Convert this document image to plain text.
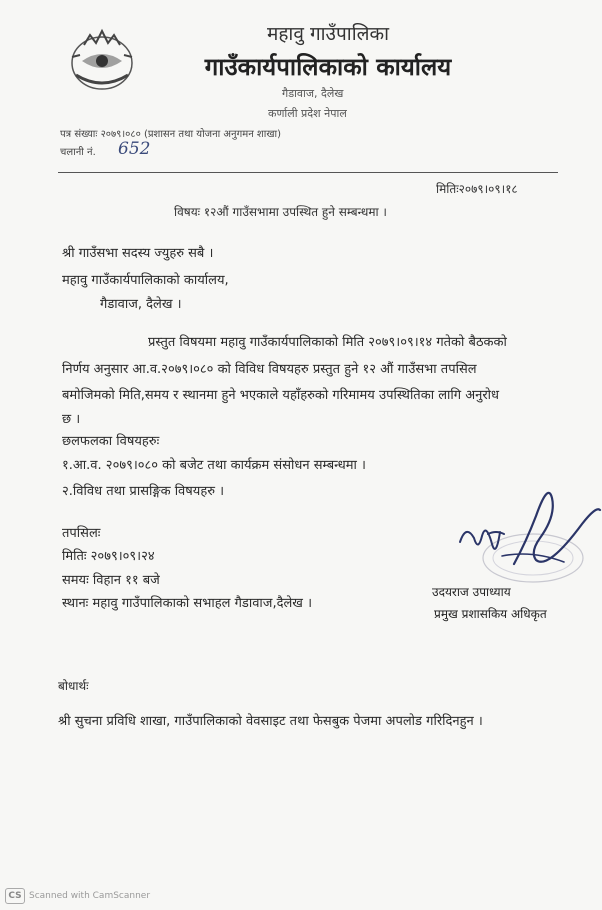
महावु गाउँपालिका
गाउँकार्यपालिकाको कार्यालय
गैडावाज, दैलेख
कर्णाली प्रदेश नेपाल
पत्र संख्याः २०७९।०८० (प्रशासन तथा योजना अनुगमन शाखा)
चलानी नं. 652
मितिः२०७९।०९।१८
विषयः १२औं गाउँसभामा उपस्थित हुने सम्बन्धमा ।
श्री गाउँसभा सदस्य ज्युहरु सबै ।
महावु गाउँकार्यपालिकाको कार्यालय,
गैडावाज, दैलेख ।
प्रस्तुत विषयमा महावु गाउँकार्यपालिकाको मिति २०७९।०९।१४ गतेको बैठकको
निर्णय अनुसार आ.व.२०७९।०८० को विविध विषयहरु प्रस्तुत हुने १२ औं गाउँसभा तपसिल
बमोजिमको मिति,समय र स्थानमा हुने भएकाले यहाँहरुको गरिमामय उपस्थितिका लागि अनुरोध
छ ।
छलफलका विषयहरुः
१.आ.व. २०७९।०८० को बजेट तथा कार्यक्रम संसोधन सम्बन्धमा ।
२.विविध तथा प्रासङ्गिक विषयहरु ।
तपसिलः
मितिः २०७९।०९।२४
समयः विहान ११ बजे
स्थानः महावु गाउँपालिकाको सभाहल गैडावाज,दैलेख ।
उदयराज उपाध्याय
प्रमुख प्रशासकिय अधिकृत
बोधार्थः
श्री सुचना प्रविधि शाखा, गाउँपालिकाको वेवसाइट तथा फेसबुक पेजमा अपलोड गरिदिनहुन ।
CS Scanned with CamScanner
